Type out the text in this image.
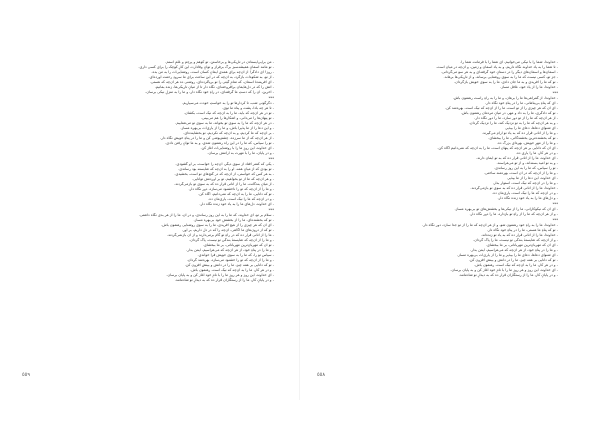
- من برايی‌ايستادن در تاريکی‌ها و برخاستن، تو کوهم و پرچم و عَلَمِ استم.
- تو مانند آسمانِ همیشه‌سبز برگ برفراز و توانِ وفادارت اين کارِ کوچک را برای کسی داری.
- روز! ای دادگر! از آن‌چه برای همه‌یِ ايمانِ کسان است، روشنايی‌ات را به من بده.
- از تو، به شکوه‌ات بازگرد، به آن‌چه که در اين ساعت برای ما سرودِ رحمت آورده‌ای.
- ای آفرينندهٔ آسمان، که تمامِ گيتی را تو برپاکرده‌ای، روشنی ده هر آن‌چه که هستی.
- آتش را که در دل‌هایمان برافروخته‌ای، نگاه دار تا از ميانِ تاريکی‌ها، زنده بمانيم.
- آخرين، آن را که دستِ ما گرفته‌ای، در راهِ خود نگاه دار، و ما را به منزلِ نيکی برسان.
***
- دگرگونی شب، تا کردارها تو را به خواستِ خودت می‌سپاريم.
- تا هر چه بادا، پشت و پناه ما توی.
- تو در هر آن‌چه که بايد، ما را به آن‌چه که نيک است، بکشان.
- تو پنهان‌ها را می‌دانی، و آشکارها را هم می‌بينی.
- در هر آن‌چه که ما را به سوی تو بخواند، ما به سوی تو می‌شتابيم.
- و اين دعا را از ما پذيرا باش، و ما را از ياری‌ات بی‌بهره مساز.
- بر آن‌چه که ما کرديم، و به آن‌چه که نکرديم، تو بخشاينده‌ای.
- از هر آن‌چه که از ما سرزده، چشم‌پوشی کن و ما را در پناهِ خويش نگاه دار.
- تو را سپاس، که ما را در اين راه رهنمون شدی، و به ما توانِ رفتن دادی.
- ای خداوند، اين روزِ ما را با روشنايی‌ات آغاز کن.
- و در پايان، ما را با مهرت به آرامش برسان.
***
- يکی که کمتر افتاد از سوی ديگر، آن‌چه را خواست، بر او گشودی.
- تو بودی که از ميانِ همه، او را به آن‌چه که شايسته بود رساندی.
- به هر کس که خواستی، از آن‌چه که در گنج‌های تو است، بخشيدی.
- و هر آن‌چه که ما از تو بخواهيم، تو بر آوردنش توانايی.
- از ميانِ بندگانت، ما را از آنانی قرار ده که به سوی تو بازمی‌گردند.
- و ما را از آن‌چه که تو را ناخشنود می‌سازد، دور نگاه دار.
- تو که دانايی، ما را به آن‌چه که نمی‌دانيم، آگاه کن.
- و در آن‌چه که ما را نيک است، ياری‌مان ده.
- ای خداوند، دل‌های ما را به ياد خود زنده نگاه دار.
***
- سلام بر تو، ای خداوند، که ما را به اين روز رساندی، و در آن، ما را از هر بدی نگاه داشتی.
- تو که بخشنده‌ای، ما را از بخششِ خود بی‌بهره مساز.
- ای آن که هر چيزی را از هيچ آفريدی، ما را به سوی روشنايی رهنمون باش.
- تو که از درون‌های ما آگاهی، آن‌چه را که در دل داريم، بر آور.
- ما را از آنانی قرار ده که در راهِ تو گام برمی‌دارند و از آن بازنمی‌گردند.
- و ما را از آن‌چه که شايستهٔ بندگیِ تو نيست، پاک گردان.
- تو آن که مهربان‌ترين مهربانانی، بر ما ببخشای.
- و ما را در پناهِ خود، از هر آن‌چه که می‌هراسيم، ايمن بدار.
- سپاس تو را، که ما را به سوی خويش فرا خواندی.
- و ما را از آن‌چه که تو را خشنود می‌سازد، بهره‌مند گردان.
- تو که دانايی بر همه چيز، ما را در دانش و بينش افزون کن.
- و در هر کار، ما را به آن‌چه که نيک است، رهنمون باش.
- ای خداوند، اين روز و هر روزِ ما را با نامِ خود آغاز کن و به پايان برسان.
- و در پايانِ کار، ما را از رستگاران قرار ده که به ديدارِ تو شادمانند.
٥٥٩
- خداوندا، شما را با نيکی می‌خوانيم، ای شما را با فرمانت شما را.
- تا شما را به ياد خداوند نگاه داريم، و به ياد آسمان و زمين، و آن‌چه در ميان است.
- آسمان‌ها و آسمان‌های ديگر را در دستانِ خود گرفته‌ای و به هر سو می‌گردانی.
- جز تو، کسی نيست که ما را به سوی روشنايی برساند، و از تاريکی‌ها برهاند.
- تو که ما را آفريدی و به ما جان دادی، ما را به سوی خويش بازگردان.
- خداوندا، ما را از ياد خود، غافل مساز.
***
- خداوندا، از گمراهی‌ها ما را برهان، و ما را به راهِ راست رهنمون باش.
- ای که پناهِ بی‌پناهانی، ما را در پناهِ خود نگاه دار.
- ای آن که هر چيزی را از تو است، ما را از آن‌چه که نيک است، بهره‌مند کن.
- تو که دادگری، ما را به داد و مهر، در ميانِ مردمان رهنمون باش.
- از هر آن‌چه که ما را از تو دور سازد، ما را دور نگاه دار.
- و به هر آن‌چه که ما را به تو نزديک کند، ما را نزديک گردان.
- ای شنوای دعاها، دعای ما را بپذير.
- و ما را از آنانی قرار ده که به ياد تو آرام می‌گيرند.
- تو که بخشنده‌ترين بخشندگانی، ما را ببخشای.
- و ما را از مهرِ خويش، بهره‌ای بزرگ ده.
- ای آن که دانايی بر هر آن‌چه که پنهان است، ما را به آن‌چه که نمی‌دانيم آگاه کن.
- و در هر کار، ما را ياری ده.
- ای خداوند، ما را از آنانی قرار ده که به تو ايمان دارند.
- و به تو اميد بسته‌اند، و از تو می‌هراسند.
- تو را سپاس، که ما را به اين روز رساندی.
- و ما را از آن‌چه که در آن است، بهره‌مند ساختی.
- ای خداوند، اين دعا را از ما بپذير.
- و ما را در آن‌چه که نيک است، استوار بدار.
- خداوندا، ما را از آنانی قرار ده که به سوی تو بازمی‌گردند.
- و در آن‌چه که ما را نيک است، ياری‌مان ده.
- و دل‌های ما را به ياد خود زنده نگاه دار.
***
- ای آن که نيکوکارانی، ما را از نيکی‌ها و بخشش‌های تو بی‌بهره مساز.
- و از هر آن‌چه که ما را از راهِ تو بازدارد، ما را دور نگاه دار.
***
- خداوندا، ما را به راهِ خود رهنمون شو، و از هر آن‌چه که ما را از تو جدا سازد، دور نگاه دار.
- تو که پناهِ ما هستی، ما را در پناهِ خود نگاه دار.
- خداوندا، ما را از آنانی قرار ده که به ياد تو زنده‌اند.
- و از آن‌چه که شايستهٔ بندگی تو نيست، ما را پاک گردان.
- ای آن که مهربان‌ترين مهربانانی، بر ما ببخشای.
- و ما را در پناهِ خود، از هر آن‌چه که می‌هراسيم، ايمن بدار.
- ای شنوای دعاها، دعای ما را بپذير و ما را از ياری‌ات بی‌بهره مساز.
- تو که دانايی بر همه چيز، ما را در دانش و بينش افزون کن.
- و در هر کار، ما را به آن‌چه که نيک است، رهنمون باش.
- ای خداوند، اين روز و هر روزِ ما را با نامِ خود آغاز کن و به پايان برسان.
- و در پايانِ کار، ما را از رستگاران قرار ده که به ديدارِ تو شادمانند.
٥٥٨
